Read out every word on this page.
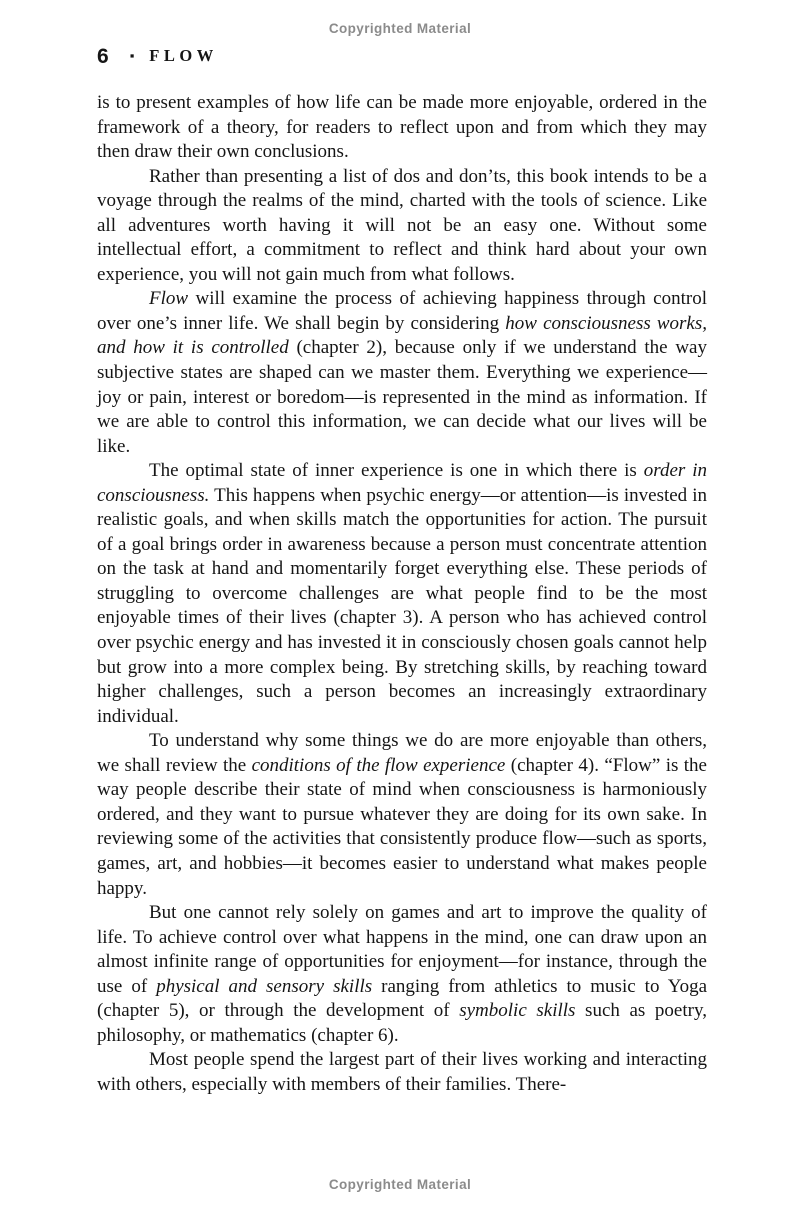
Copyrighted Material
6 ▪ FLOW

is to present examples of how life can be made more enjoyable, ordered in the framework of a theory, for readers to reflect upon and from which they may then draw their own conclusions.

Rather than presenting a list of dos and don’ts, this book intends to be a voyage through the realms of the mind, charted with the tools of science. Like all adventures worth having it will not be an easy one. Without some intellectual effort, a commitment to reflect and think hard about your own experience, you will not gain much from what follows.

Flow will examine the process of achieving happiness through control over one’s inner life. We shall begin by considering how consciousness works, and how it is controlled (chapter 2), because only if we understand the way subjective states are shaped can we master them. Everything we experience—joy or pain, interest or boredom—is represented in the mind as information. If we are able to control this information, we can decide what our lives will be like.

The optimal state of inner experience is one in which there is order in consciousness. This happens when psychic energy—or attention—is invested in realistic goals, and when skills match the opportunities for action. The pursuit of a goal brings order in awareness because a person must concentrate attention on the task at hand and momentarily forget everything else. These periods of struggling to overcome challenges are what people find to be the most enjoyable times of their lives (chapter 3). A person who has achieved control over psychic energy and has invested it in consciously chosen goals cannot help but grow into a more complex being. By stretching skills, by reaching toward higher challenges, such a person becomes an increasingly extraordinary individual.

To understand why some things we do are more enjoyable than others, we shall review the conditions of the flow experience (chapter 4). “Flow” is the way people describe their state of mind when consciousness is harmoniously ordered, and they want to pursue whatever they are doing for its own sake. In reviewing some of the activities that consistently produce flow—such as sports, games, art, and hobbies—it becomes easier to understand what makes people happy.

But one cannot rely solely on games and art to improve the quality of life. To achieve control over what happens in the mind, one can draw upon an almost infinite range of opportunities for enjoyment—for instance, through the use of physical and sensory skills ranging from athletics to music to Yoga (chapter 5), or through the development of symbolic skills such as poetry, philosophy, or mathematics (chapter 6).

Most people spend the largest part of their lives working and interacting with others, especially with members of their families. There-

Copyrighted Material
